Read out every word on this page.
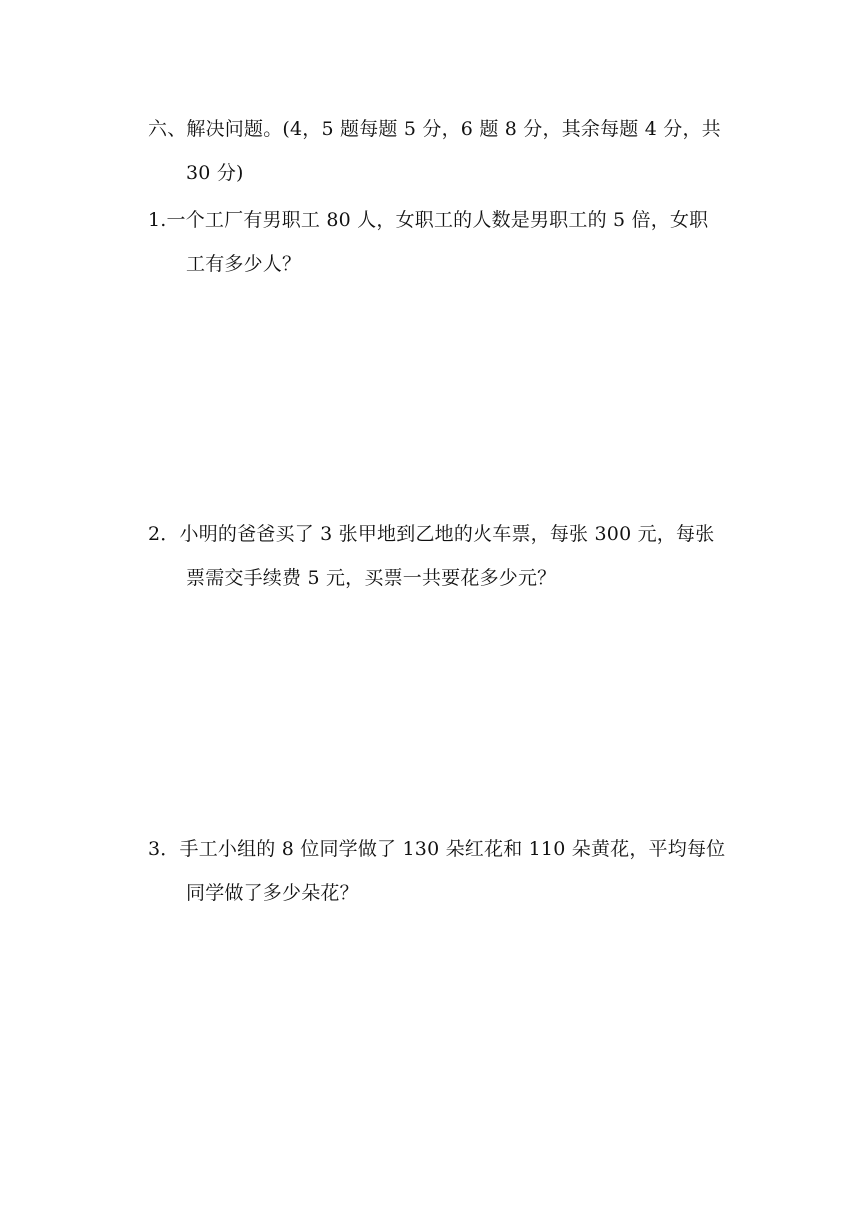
六、解决问题。(4，5 题每题 5 分，6 题 8 分，其余每题 4 分，共
30 分)
1.一个工厂有男职工 80 人，女职工的人数是男职工的 5 倍，女职
工有多少人？
2．小明的爸爸买了 3 张甲地到乙地的火车票，每张 300 元，每张
票需交手续费 5 元，买票一共要花多少元？
3．手工小组的 8 位同学做了 130 朵红花和 110 朵黄花，平均每位
同学做了多少朵花？
